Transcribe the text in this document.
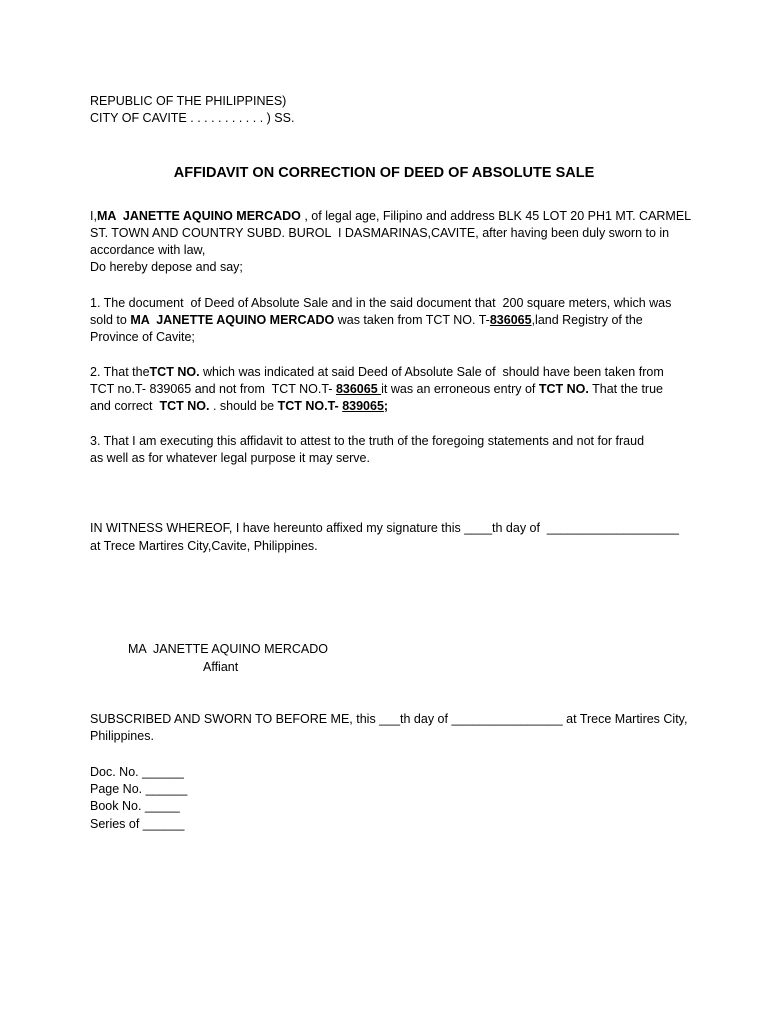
REPUBLIC OF THE PHILIPPINES)
CITY OF CAVITE . . . . . . . . . . . ) SS.
AFFIDAVIT ON CORRECTION OF DEED OF ABSOLUTE SALE
I,MA  JANETTE AQUINO MERCADO , of legal age, Filipino and address BLK 45 LOT 20 PH1 MT. CARMEL
ST. TOWN AND COUNTRY SUBD. BUROL  I DASMARINAS,CAVITE, after having been duly sworn to in
accordance with law,
Do hereby depose and say;
1. The document  of Deed of Absolute Sale and in the said document that  200 square meters, which was
sold to MA  JANETTE AQUINO MERCADO was taken from TCT NO. T-836065,land Registry of the
Province of Cavite;
2. That theTCT NO. which was indicated at said Deed of Absolute Sale of  should have been taken from
TCT no.T- 839065 and not from  TCT NO.T- 836065 it was an erroneous entry of TCT NO. That the true
and correct  TCT NO. . should be TCT NO.T- 839065;
3. That I am executing this affidavit to attest to the truth of the foregoing statements and not for fraud
as well as for whatever legal purpose it may serve.
IN WITNESS WHEREOF, I have hereunto affixed my signature this ____th day of  ___________________
at Trece Martires City,Cavite, Philippines.
MA  JANETTE AQUINO MERCADO
Affiant
SUBSCRIBED AND SWORN TO BEFORE ME, this ___th day of ________________ at Trece Martires City,
Philippines.
Doc. No. ______
Page No. ______
Book No. _____
Series of ______
